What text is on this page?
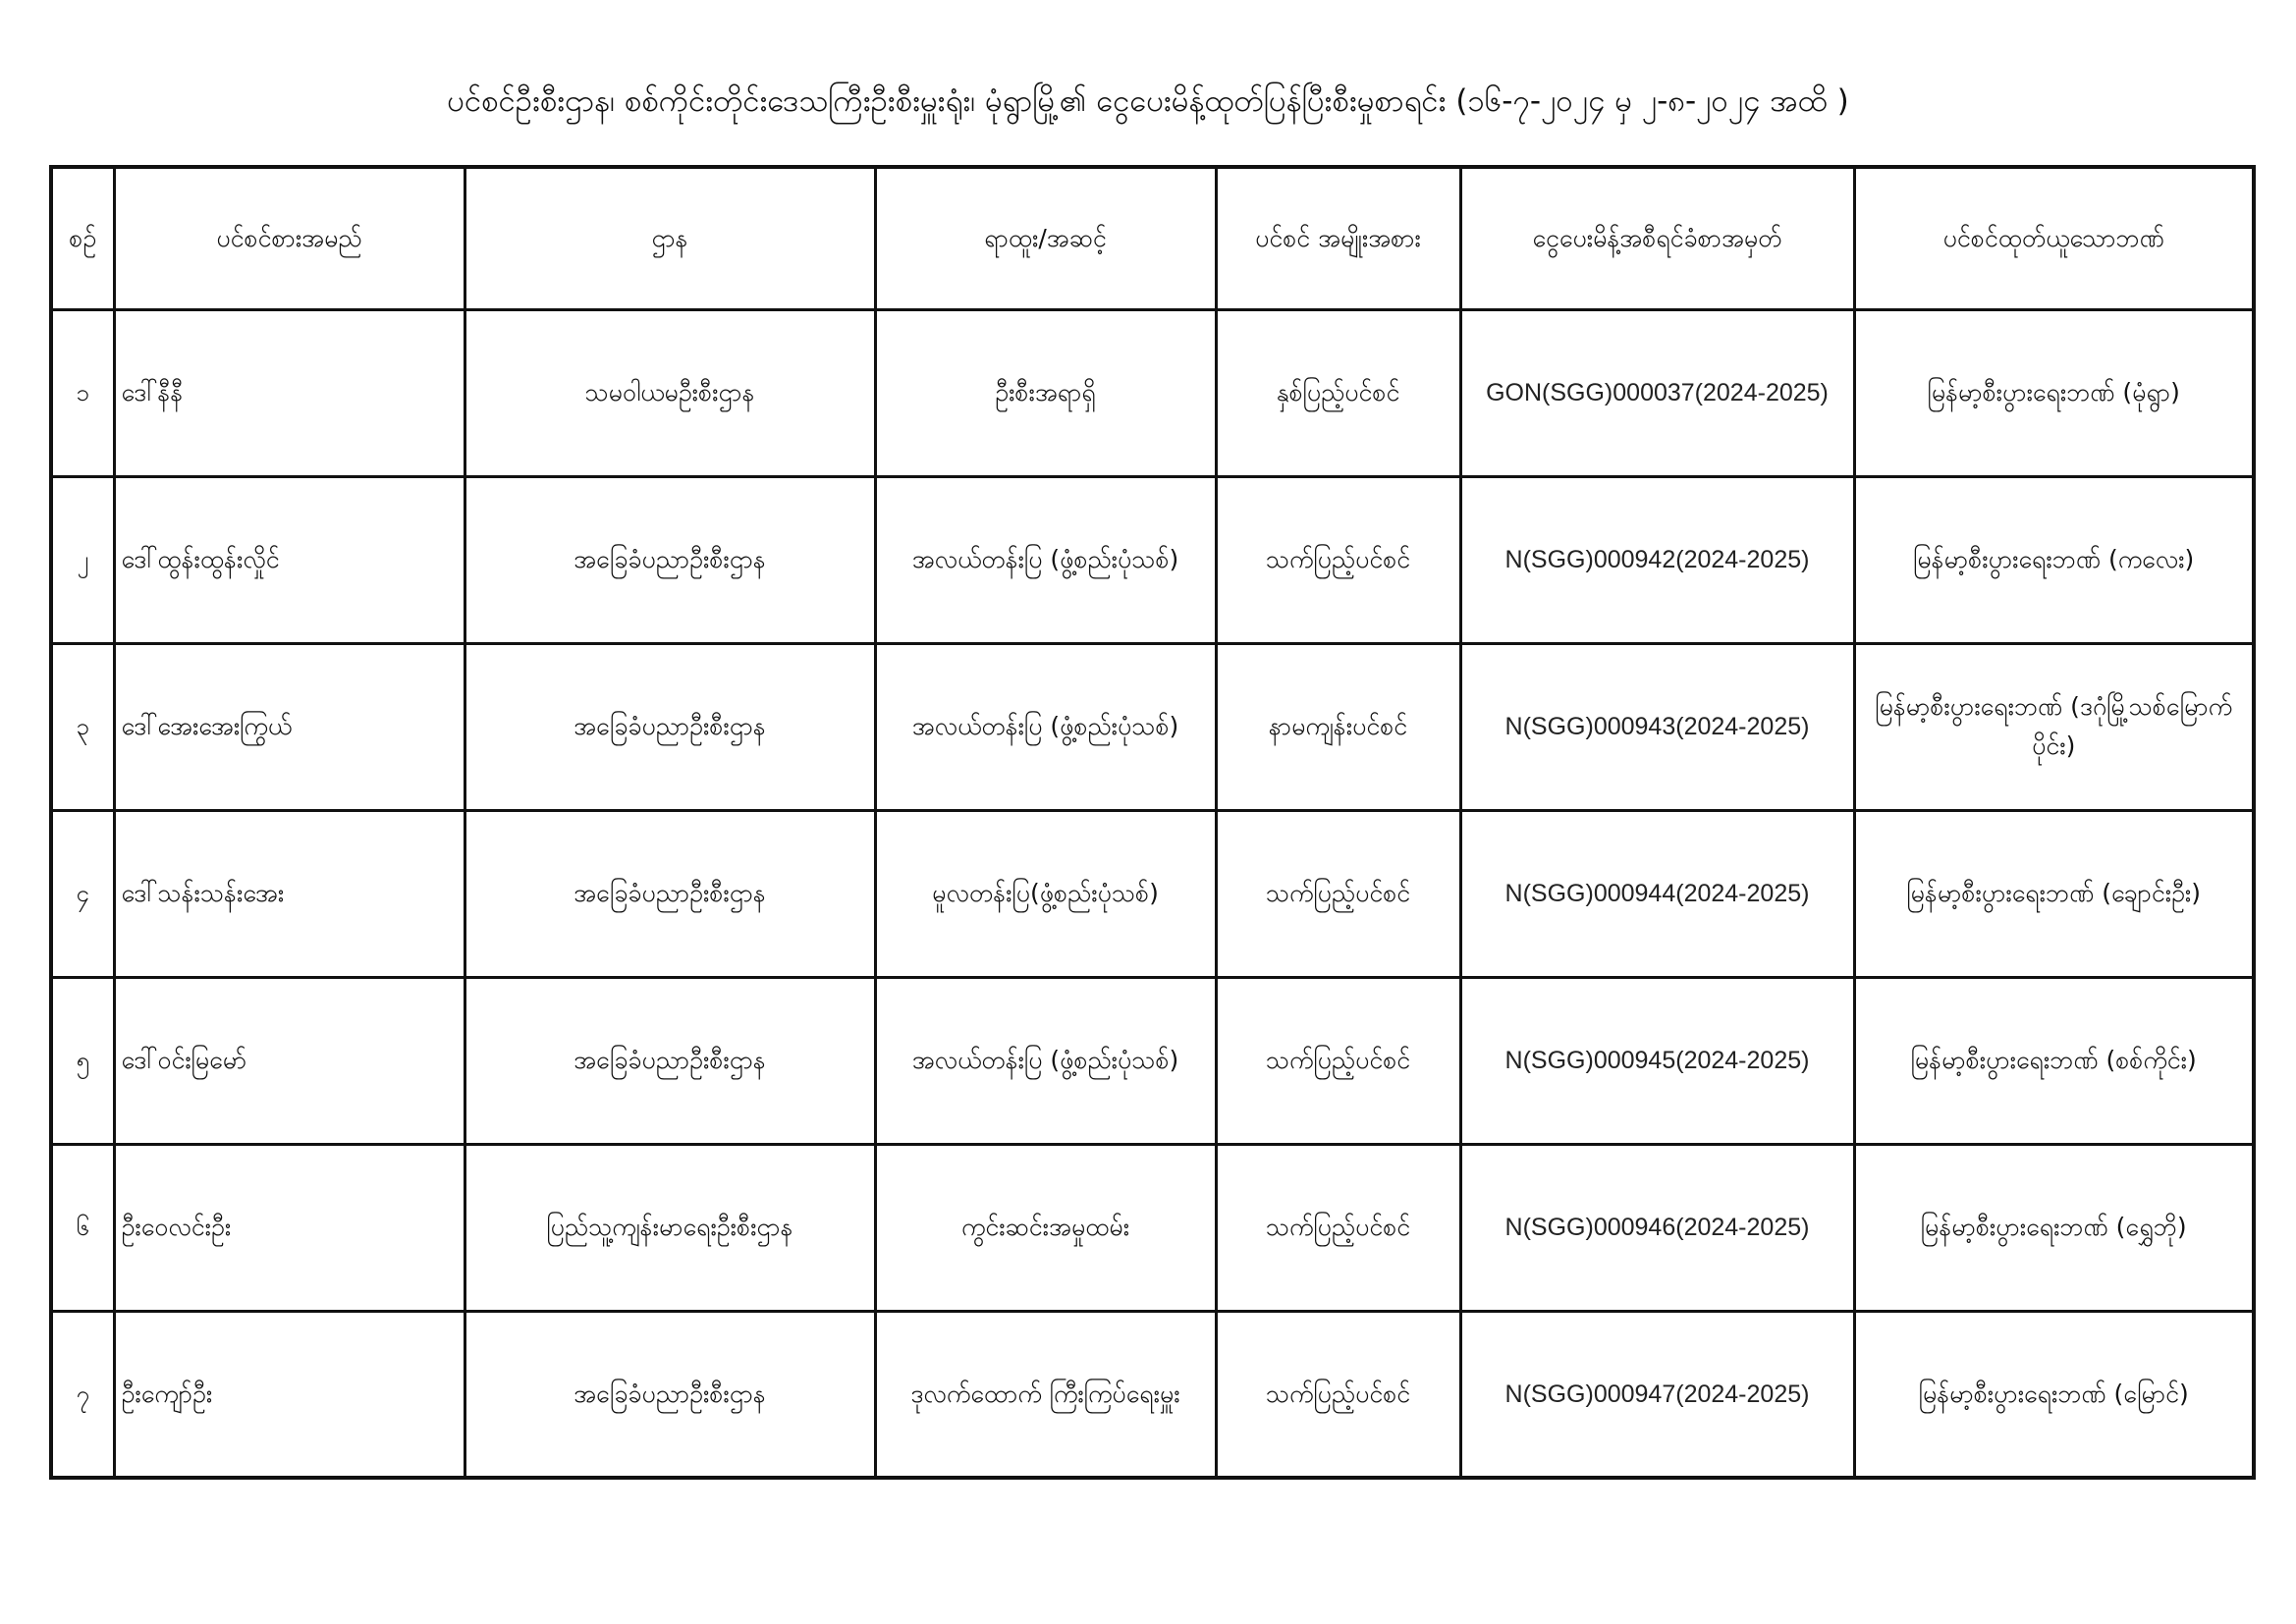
ပင်စင်ဦးစီးဌာန၊ စစ်ကိုင်းတိုင်းဒေသကြီးဦးစီးမှူးရုံး၊ မုံရွာမြို့၏ ငွေပေးမိန့်ထုတ်ပြန်ပြီးစီးမှုစာရင်း (၁၆-၇-၂၀၂၄ မှ ၂-၈-၂၀၂၄ အထိ )
စဉ်	ပင်စင်စားအမည်	ဌာန	ရာထူး/အဆင့်	ပင်စင် အမျိုးအစား	ငွေပေးမိန့်အစီရင်ခံစာအမှတ်	ပင်စင်ထုတ်ယူသောဘဏ်
၁	ဒေါ်နီနီ	သမဝါယမဦးစီးဌာန	ဦးစီးအရာရှိ	နှစ်ပြည့်ပင်စင်	GON(SGG)000037(2024-2025)	မြန်မာ့စီးပွားရေးဘဏ် (မုံရွာ)
၂	ဒေါ်ထွန်းထွန်းလှိုင်	အခြေခံပညာဦးစီးဌာန	အလယ်တန်းပြ (ဖွံ့စည်းပုံသစ်)	သက်ပြည့်ပင်စင်	N(SGG)000942(2024-2025)	မြန်မာ့စီးပွားရေးဘဏ် (ကလေး)
၃	ဒေါ်အေးအေးကြွယ်	အခြေခံပညာဦးစီးဌာန	အလယ်တန်းပြ (ဖွံ့စည်းပုံသစ်)	နာမကျန်းပင်စင်	N(SGG)000943(2024-2025)	မြန်မာ့စီးပွားရေးဘဏ် (ဒဂုံမြို့သစ်မြောက်ပိုင်း)
၄	ဒေါ်သန်းသန်းအေး	အခြေခံပညာဦးစီးဌာန	မူလတန်းပြ(ဖွံ့စည်းပုံသစ်)	သက်ပြည့်ပင်စင်	N(SGG)000944(2024-2025)	မြန်မာ့စီးပွားရေးဘဏ် (ချောင်းဦး)
၅	ဒေါ်ဝင်းမြမော်	အခြေခံပညာဦးစီးဌာန	အလယ်တန်းပြ (ဖွံ့စည်းပုံသစ်)	သက်ပြည့်ပင်စင်	N(SGG)000945(2024-2025)	မြန်မာ့စီးပွားရေးဘဏ် (စစ်ကိုင်း)
၆	ဦးဝေလင်းဦး	ပြည်သူ့ကျန်းမာရေးဦးစီးဌာန	ကွင်းဆင်းအမှုထမ်း	သက်ပြည့်ပင်စင်	N(SGG)000946(2024-2025)	မြန်မာ့စီးပွားရေးဘဏ် (ရွှေဘို)
၇	ဦးကျော်ဦး	အခြေခံပညာဦးစီးဌာန	ဒုလက်ထောက် ကြီးကြပ်ရေးမှူး	သက်ပြည့်ပင်စင်	N(SGG)000947(2024-2025)	မြန်မာ့စီးပွားရေးဘဏ် (မြောင်)
